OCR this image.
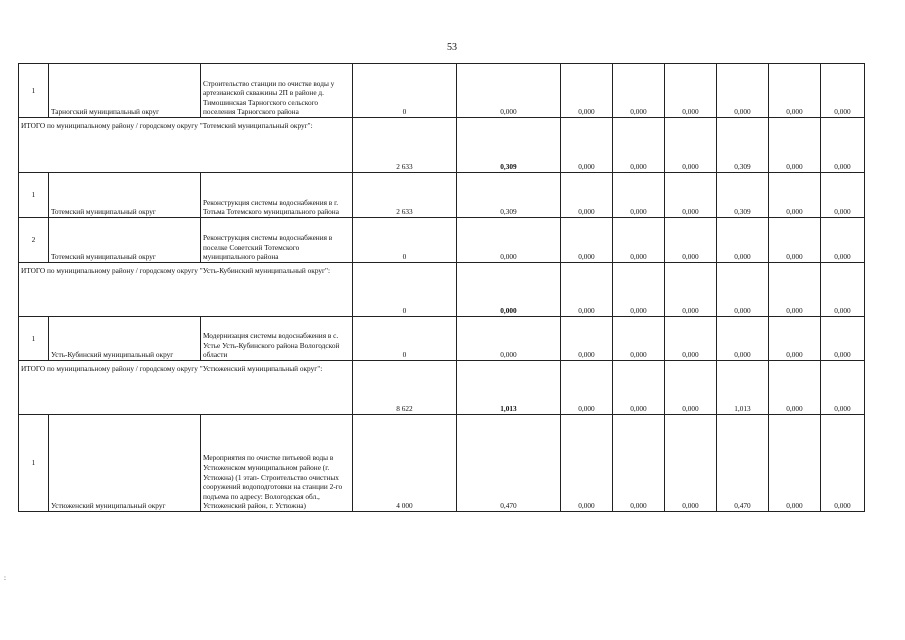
53
1	Тарногский муниципальный округ	Строительство станции по очистке воды у артезианской скважины 2П в районе д. Тимошинская Тарногского сельского поселения Тарногского района	0	0,000	0,000	0,000	0,000	0,000	0,000	0,000
ИТОГО по муниципальному району / городскому округу "Тотемский муниципальный округ":			2 633	0,309	0,000	0,000	0,000	0,309	0,000	0,000
1	Тотемский муниципальный округ	Реконструкция системы водоснабжения в г. Тотьма Тотемского муниципального района	2 633	0,309	0,000	0,000	0,000	0,309	0,000	0,000
2	Тотемский муниципальный округ	Реконструкция системы водоснабжения в поселке Советский Тотемского муниципального района	0	0,000	0,000	0,000	0,000	0,000	0,000	0,000
ИТОГО по муниципальному району / городскому округу "Усть-Кубинский муниципальный округ":			0	0,000	0,000	0,000	0,000	0,000	0,000	0,000
1	Усть-Кубинский муниципальный округ	Модернизация системы водоснабжения в с. Устье Усть-Кубинского района Вологодской области	0	0,000	0,000	0,000	0,000	0,000	0,000	0,000
ИТОГО по муниципальному району / городскому округу "Устюженский муниципальный округ":			8 622	1,013	0,000	0,000	0,000	1,013	0,000	0,000
1	Устюженский муниципальный округ	Мероприятия по очистке питьевой воды в Устюженском муниципальном районе (г. Устюжна) (1 этап- Строительство очистных сооружений водоподготовки на станции 2-го подъема по адресу: Вологодская обл., Устюженский район, г. Устюжна)	4 000	0,470	0,000	0,000	0,000	0,470	0,000	0,000
:
